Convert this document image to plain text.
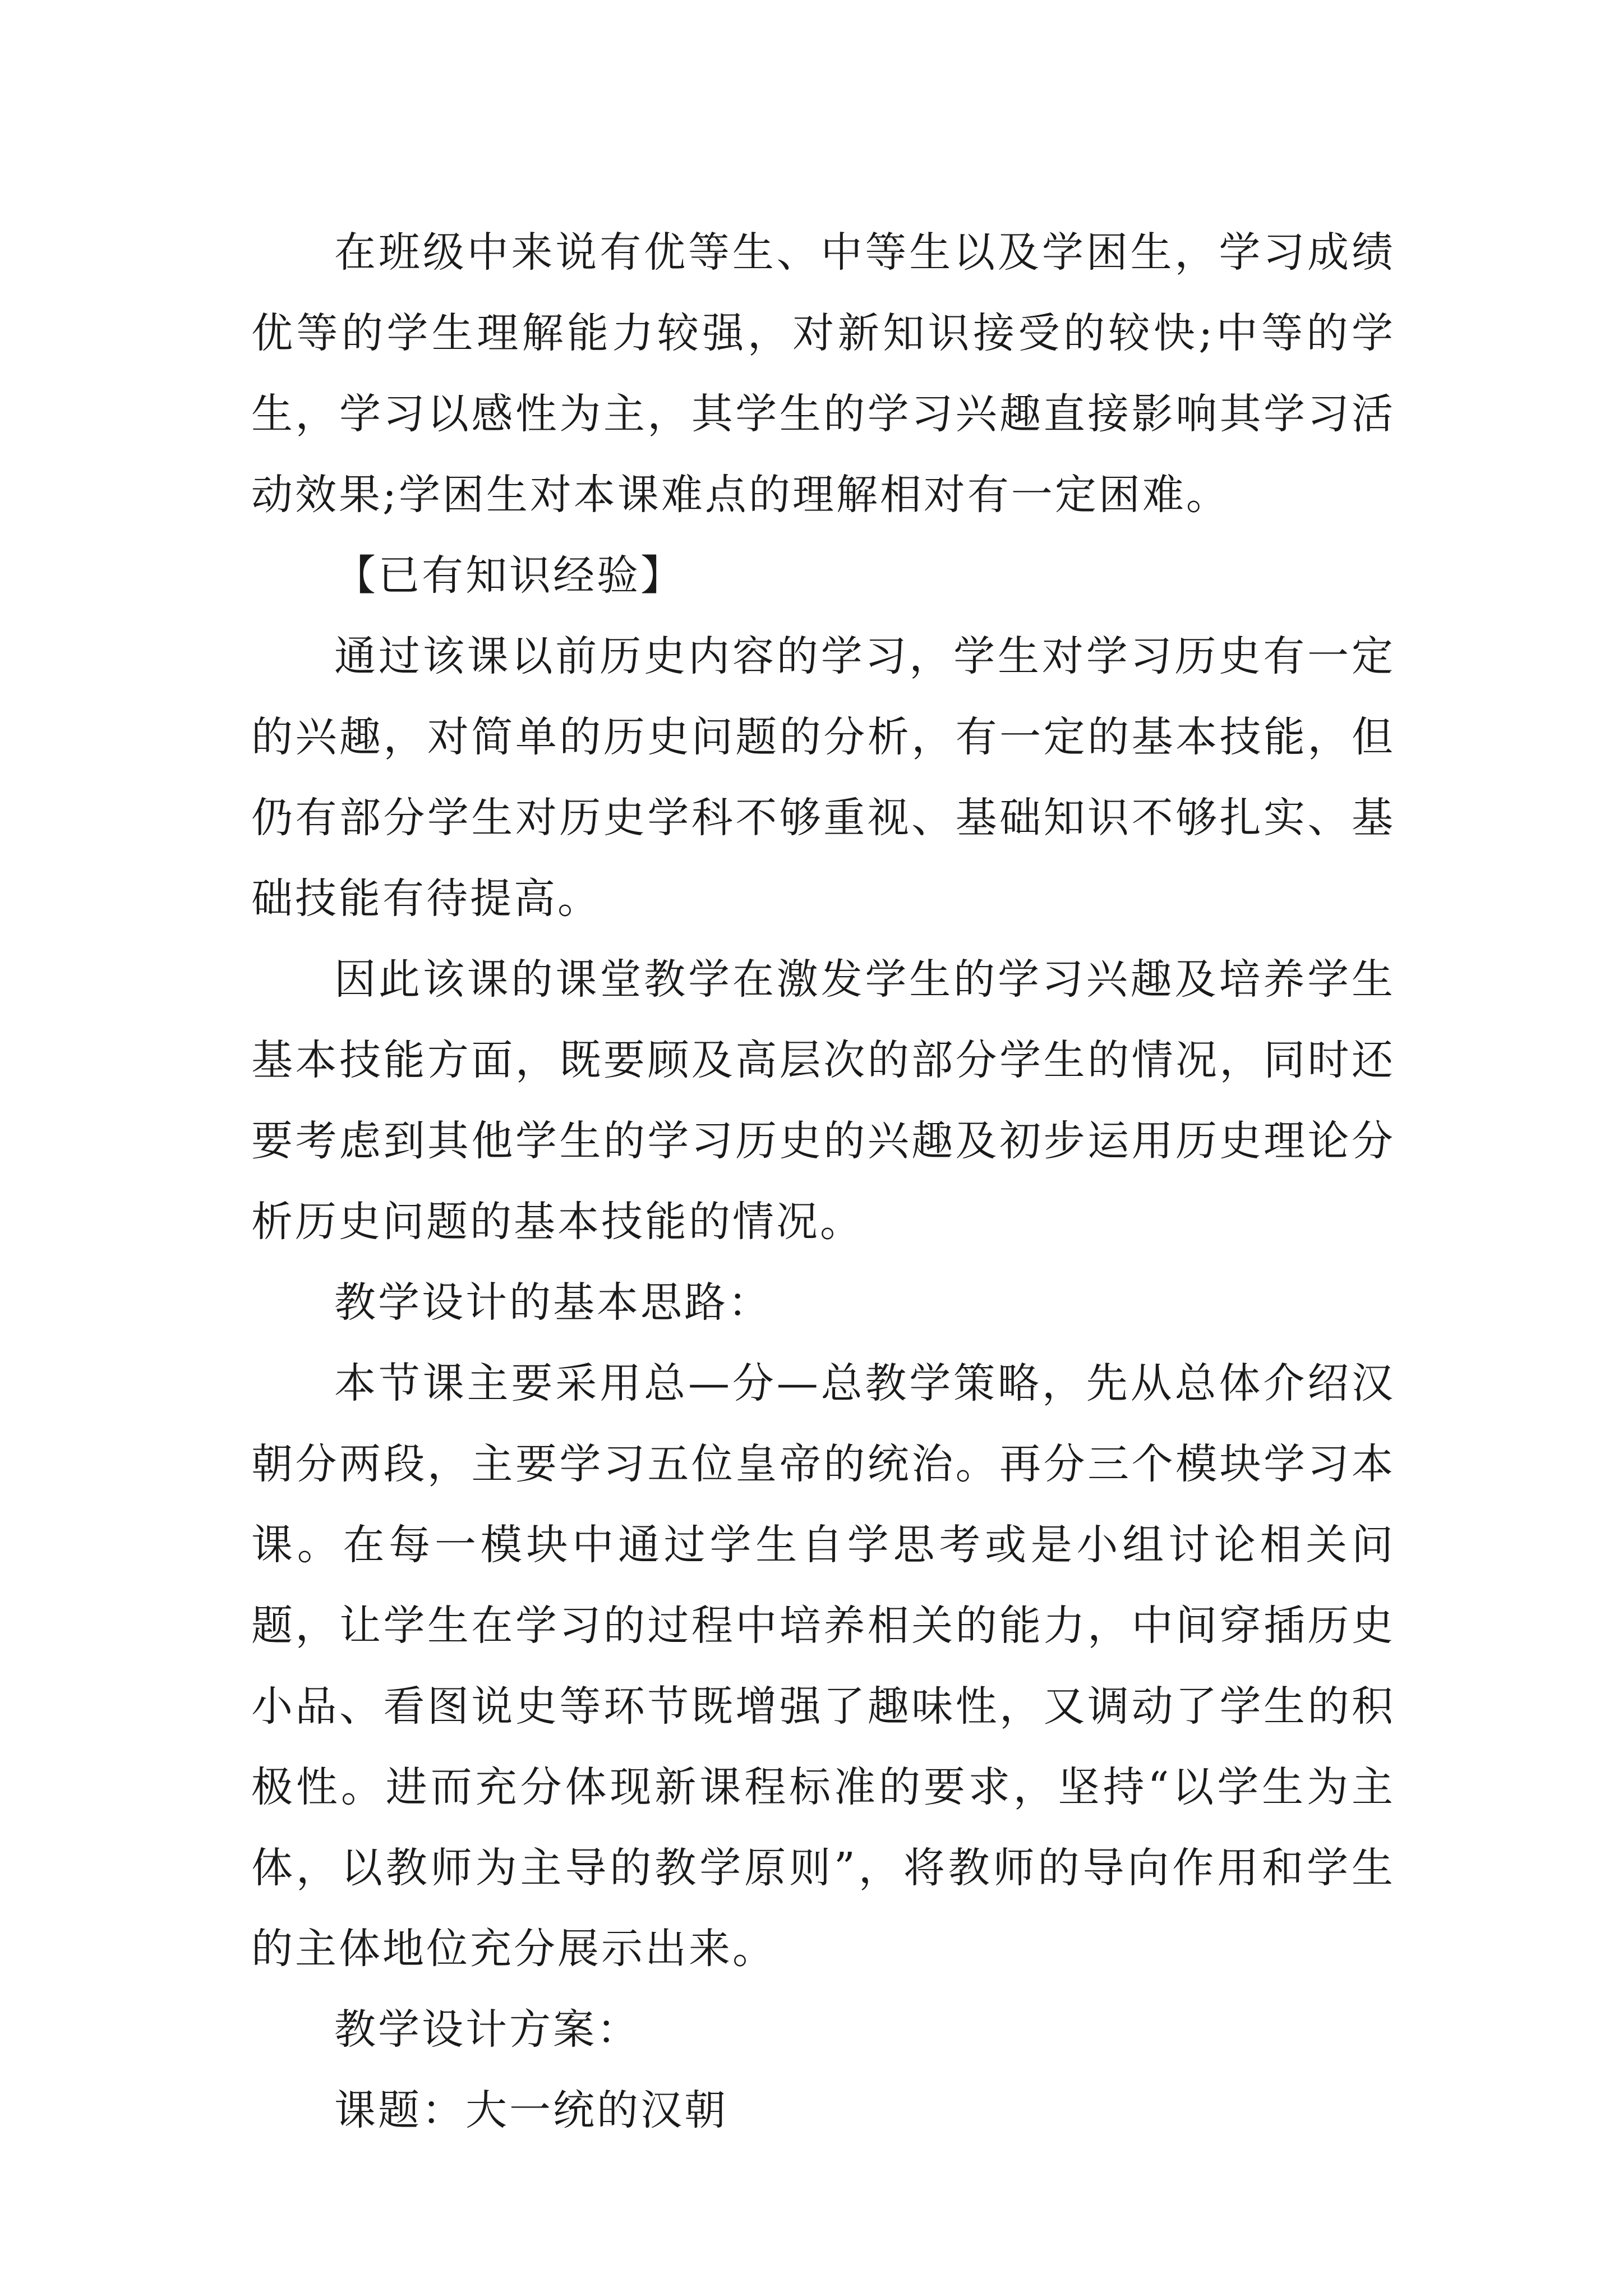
在班级中来说有优等生、中等生以及学困生，学习成绩优等的学生理解能力较强，对新知识接受的较快;中等的学生，学习以感性为主，其学生的学习兴趣直接影响其学习活动效果;学困生对本课难点的理解相对有一定困难。

【已有知识经验】

通过该课以前历史内容的学习，学生对学习历史有一定的兴趣，对简单的历史问题的分析，有一定的基本技能，但仍有部分学生对历史学科不够重视、基础知识不够扎实、基础技能有待提高。

因此该课的课堂教学在激发学生的学习兴趣及培养学生基本技能方面，既要顾及高层次的部分学生的情况，同时还要考虑到其他学生的学习历史的兴趣及初步运用历史理论分析历史问题的基本技能的情况。

教学设计的基本思路：

本节课主要采用总—分—总教学策略，先从总体介绍汉朝分两段，主要学习五位皇帝的统治。再分三个模块学习本课。在每一模块中通过学生自学思考或是小组讨论相关问题，让学生在学习的过程中培养相关的能力，中间穿插历史小品、看图说史等环节既增强了趣味性，又调动了学生的积极性。进而充分体现新课程标准的要求，坚持“以学生为主体，以教师为主导的教学原则”，将教师的导向作用和学生的主体地位充分展示出来。

教学设计方案：

课题：大一统的汉朝
